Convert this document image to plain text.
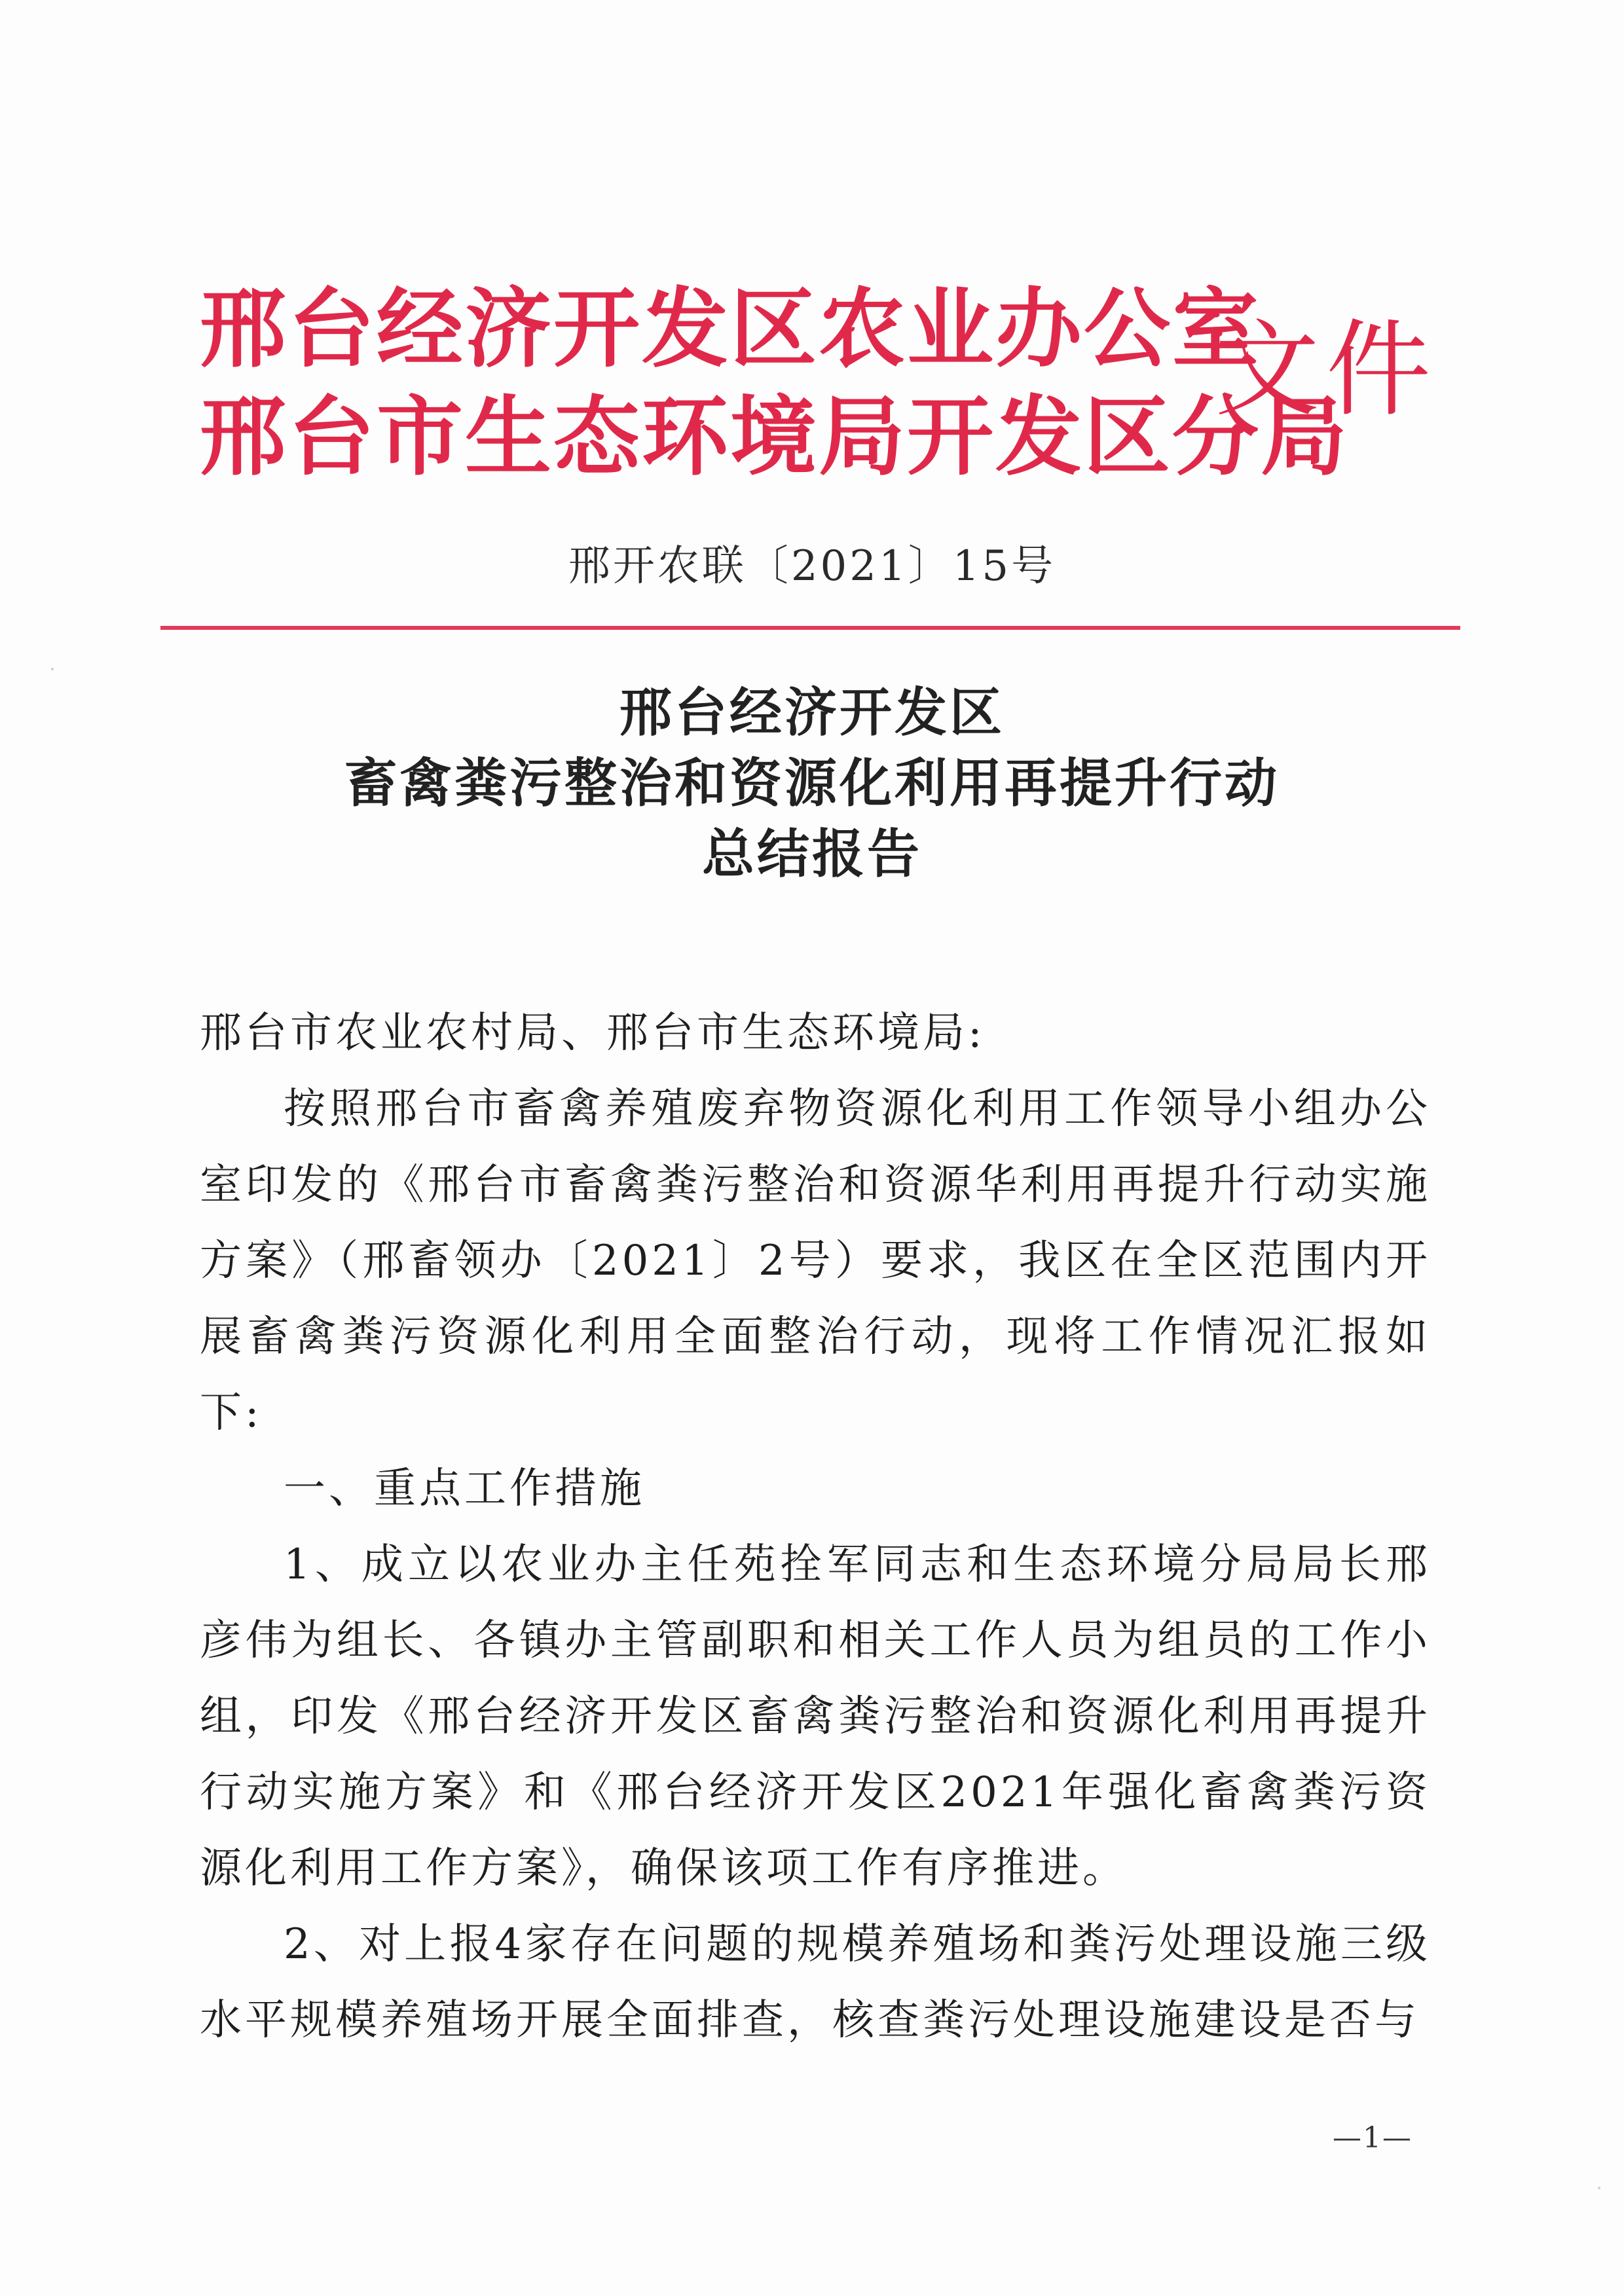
邢台经济开发区农业办公室
邢台市生态环境局开发区分局
文件
邢开农联〔2021〕15号
邢台经济开发区
畜禽粪污整治和资源化利用再提升行动
总结报告

邢台市农业农村局、邢台市生态环境局:

按照邢台市畜禽养殖废弃物资源化利用工作领导小组办公室印发的《邢台市畜禽粪污整治和资源华利用再提升行动实施方案》（邢畜领办〔2021〕2号）要求，我区在全区范围内开展畜禽粪污资源化利用全面整治行动，现将工作情况汇报如下:

一、重点工作措施

1、成立以农业办主任苑拴军同志和生态环境分局局长邢彦伟为组长、各镇办主管副职和相关工作人员为组员的工作小组，印发《邢台经济开发区畜禽粪污整治和资源化利用再提升行动实施方案》和《邢台经济开发区2021年强化畜禽粪污资源化利用工作方案》，确保该项工作有序推进。

2、对上报4家存在问题的规模养殖场和粪污处理设施三级水平规模养殖场开展全面排查，核查粪污处理设施建设是否与

—1—
